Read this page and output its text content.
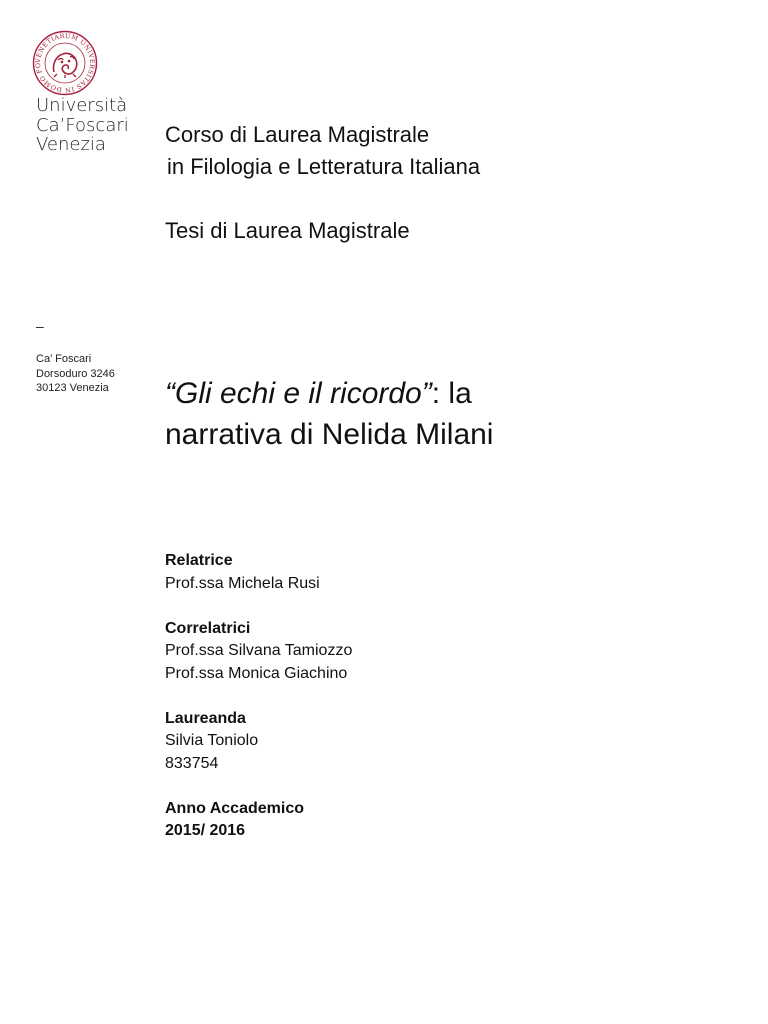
VENETIARUM UNIVERSITAS IN DOMO FO
Università
Ca’Foscari
Venezia
–
Ca’ Foscari
Dorsoduro 3246
30123 Venezia
Corso di Laurea Magistrale
in Filologia e Letteratura Italiana
Tesi di Laurea Magistrale
“Gli echi e il ricordo”: la
narrativa di Nelida Milani
Relatrice
Prof.ssa Michela Rusi
Correlatrici
Prof.ssa Silvana Tamiozzo
Prof.ssa Monica Giachino
Laureanda
Silvia Toniolo
833754
Anno Accademico
2015/ 2016
